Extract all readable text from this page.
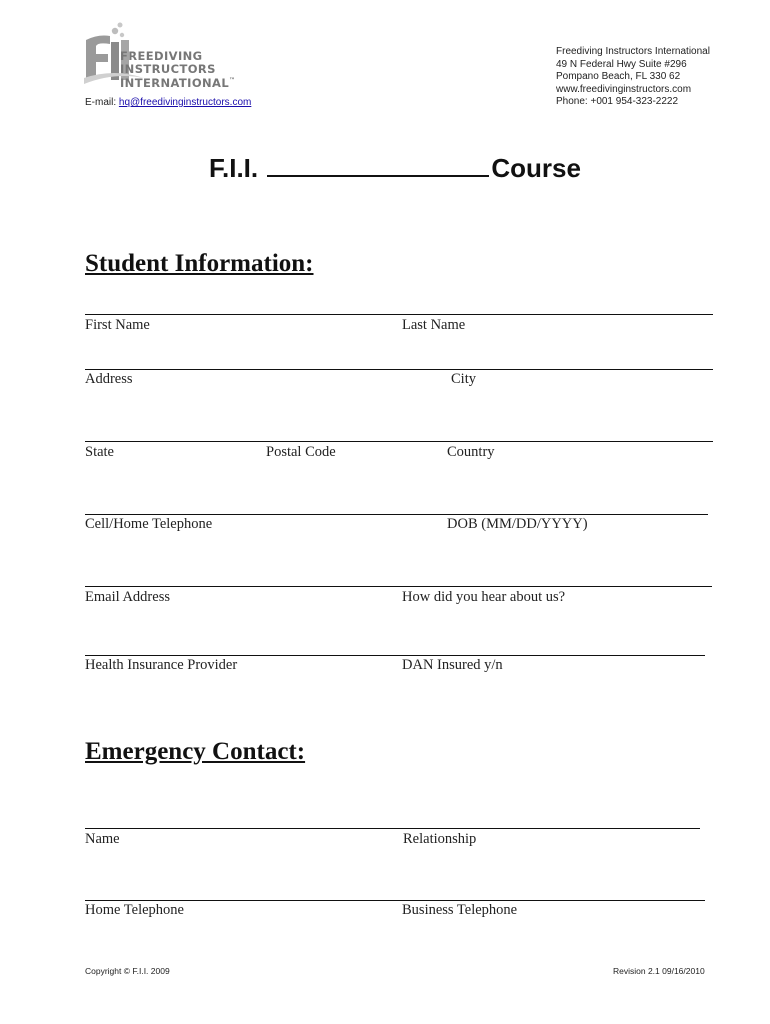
FREEDIVING
INSTRUCTORS
INTERNATIONAL™
E-mail: hq@freedivinginstructors.com
Freediving Instructors International
49 N Federal Hwy Suite #296
Pompano Beach, FL 330 62
www.freedivinginstructors.com
Phone: +001 954-323-2222
F.I.I.	Course
Student Information:
First Name	Last Name
Address	City
State	Postal Code	Country
Cell/Home Telephone	DOB (MM/DD/YYYY)
Email Address	How did you hear about us?
Health Insurance Provider	DAN Insured y/n
Emergency Contact:
Name	Relationship
Home Telephone	Business Telephone
Copyright © F.I.I. 2009	Revision 2.1 09/16/2010
